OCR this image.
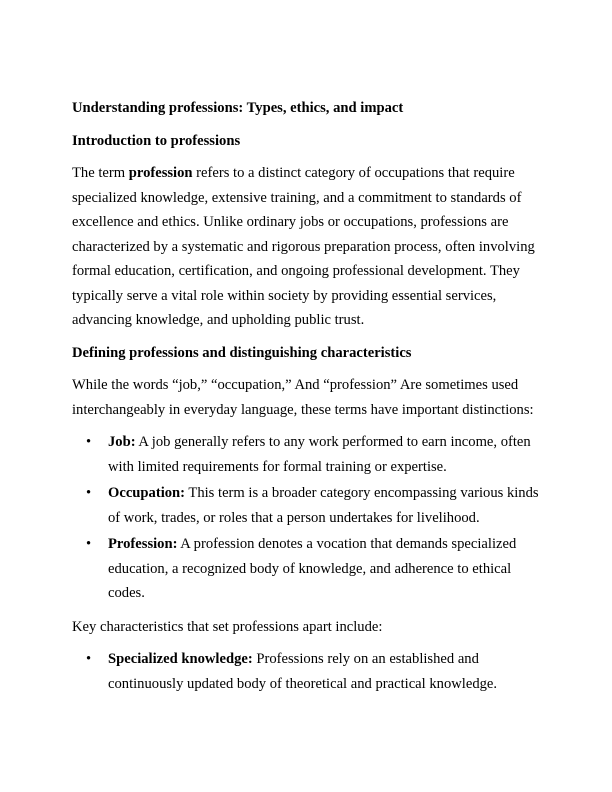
Understanding professions: Types, ethics, and impact

Introduction to professions

The term profession refers to a distinct category of occupations that require specialized knowledge, extensive training, and a commitment to standards of excellence and ethics. Unlike ordinary jobs or occupations, professions are characterized by a systematic and rigorous preparation process, often involving formal education, certification, and ongoing professional development. They typically serve a vital role within society by providing essential services, advancing knowledge, and upholding public trust.

Defining professions and distinguishing characteristics

While the words “job,” “occupation,” And “profession” Are sometimes used interchangeably in everyday language, these terms have important distinctions:

• Job: A job generally refers to any work performed to earn income, often with limited requirements for formal training or expertise.
• Occupation: This term is a broader category encompassing various kinds of work, trades, or roles that a person undertakes for livelihood.
• Profession: A profession denotes a vocation that demands specialized education, a recognized body of knowledge, and adherence to ethical codes.

Key characteristics that set professions apart include:

• Specialized knowledge: Professions rely on an established and continuously updated body of theoretical and practical knowledge.
